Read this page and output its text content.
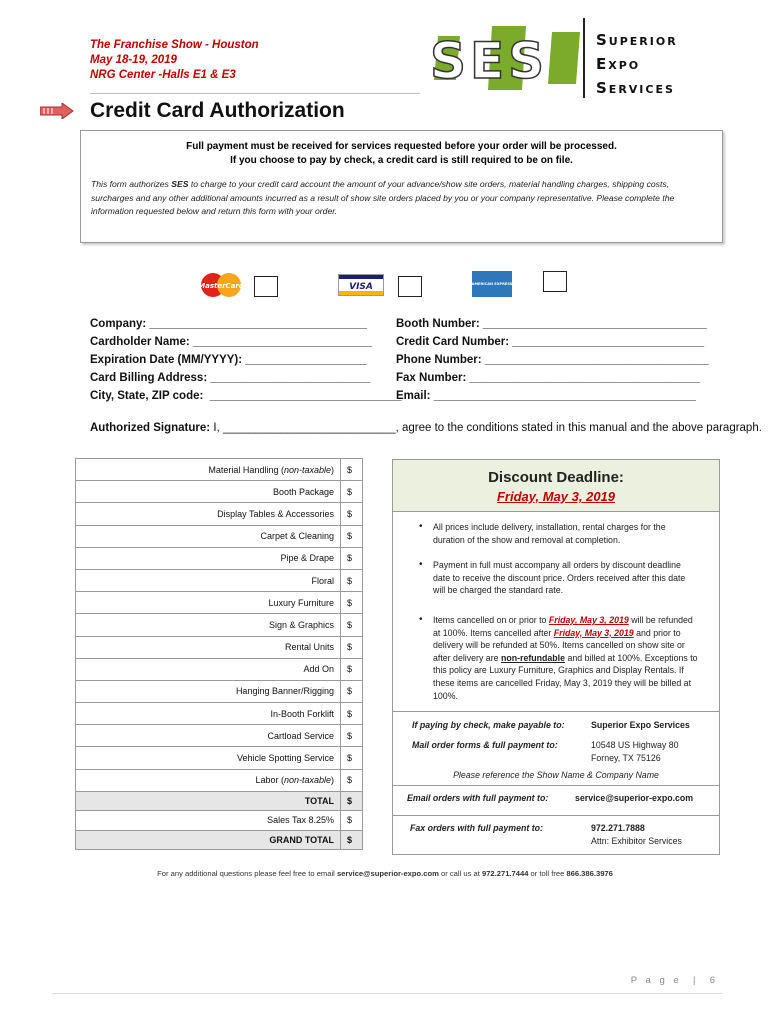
The Franchise Show - Houston
May 18-19, 2019
NRG Center -Halls E1 & E3	SES	Superior
Expo
Services
Credit Card Authorization
Full payment must be received for services requested before your order will be processed.
If you choose to pay by check, a credit card is still required to be on file.
This form authorizes SES to charge to your credit card account the amount of your advance/show site orders, material handling charges, shipping costs, surcharges and any other additional amounts incurred as a result of show site orders placed by you or your company representative. Please complete the information requested below and return this form with your order.
MasterCard	VISA	AMERICAN EXPRESS
Company: __________________________________
Cardholder Name: ____________________________
Expiration Date (MM/YYYY): ___________________
Card Billing Address: _________________________
City, State, ZIP code:  ______________________________
Booth Number: ___________________________________
Credit Card Number: ______________________________
Phone Number: ___________________________________
Fax Number: ____________________________________
Email: _________________________________________
Authorized Signature: I, ___________________________, agree to the conditions stated in this manual and the above paragraph.
Material Handling (non-taxable)	$
Booth Package	$
Display Tables & Accessories	$
Carpet & Cleaning	$
Pipe & Drape	$
Floral	$
Luxury Furniture	$
Sign & Graphics	$
Rental Units	$
Add On	$
Hanging Banner/Rigging	$
In-Booth Forklift	$
Cartload Service	$
Vehicle Spotting Service	$
Labor (non-taxable)	$
TOTAL	$
Sales Tax 8.25%	$
GRAND TOTAL	$
Discount Deadline:
Friday, May 3, 2019
• All prices include delivery, installation, rental charges for the duration of the show and removal at completion.
• Payment in full must accompany all orders by discount deadline date to receive the discount price. Orders received after this date will be charged the standard rate.
• Items cancelled on or prior to Friday, May 3, 2019 will be refunded at 100%. Items cancelled after Friday, May 3, 2019 and prior to delivery will be refunded at 50%. Items cancelled on show site or after delivery are non-refundable and billed at 100%. Exceptions to this policy are Luxury Furniture, Graphics and Display Rentals. If these items are cancelled Friday, May 3, 2019 they will be billed at 100%.
If paying by check, make payable to:	Superior Expo Services
Mail order forms & full payment to:	10548 US Highway 80
Forney, TX 75126
Please reference the Show Name & Company Name
Email orders with full payment to:	service@superior-expo.com
Fax orders with full payment to:	972.271.7888
Attn: Exhibitor Services
For any additional questions please feel free to email service@superior-expo.com or call us at 972.271.7444 or toll free 866.386.3976
P a g e | 6
